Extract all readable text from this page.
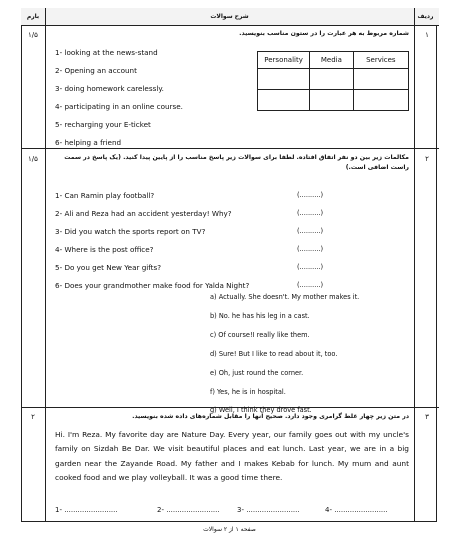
بارم	شرح سوالات	ردیف
۱
۱/۵	شماره مربوط به هر عبارت را در ستون مناسب بنویسید.
1- looking at the news-stand
2- Opening an account
3- doing homework carelessly.
4- participating in an online course.
5- recharging your E-ticket
6- helping a friend
Personality	Media	Services

۲
۱/۵	مکالمات زیر بین دو نفر اتفاق افتاده. لطفا برای سوالات زیر پاسخ مناسب را از پایین پیدا کنید. (یک پاسخ در سمت راست اضافی است.)
1- Can Ramin play football?
2- Ali and Reza had an accident yesterday! Why?
3- Did you watch the sports report on TV?
4- Where is the post office?
5- Do you get New Year gifts?
6- Does your grandmother make food for Yalda Night?
(..........)
(..........)
(..........)
(..........)
(..........)
(..........)
a) Actually. She doesn't. My mother makes it.
b) No. he has his leg in a cast.
c) Of course!I really like them.
d) Sure! But I like to read about it, too.
e) Oh, just round the corner.
f) Yes, he is in hospital.
g) Well, I think they drove fast.
۳
۲	در متن زیر چهار غلط گرامری وجود دارد. صحیح آنها را مقابل شماره‌های داده شده بنویسید.
Hi. I'm Reza. My favorite day are Nature Day. Every year, our family goes out with my uncle's family on Sizdah Be Dar. We visit beautiful places and eat lunch. Last year, we are in a big garden near the Zayande Road. My father and I makes Kebab for lunch. My mum and aunt cooked food and we play volleyball. It was a good time there.
1- ........................	2- ........................ 3- ........................	4- ........................
صفحه ۱ از ۲ سوالات
